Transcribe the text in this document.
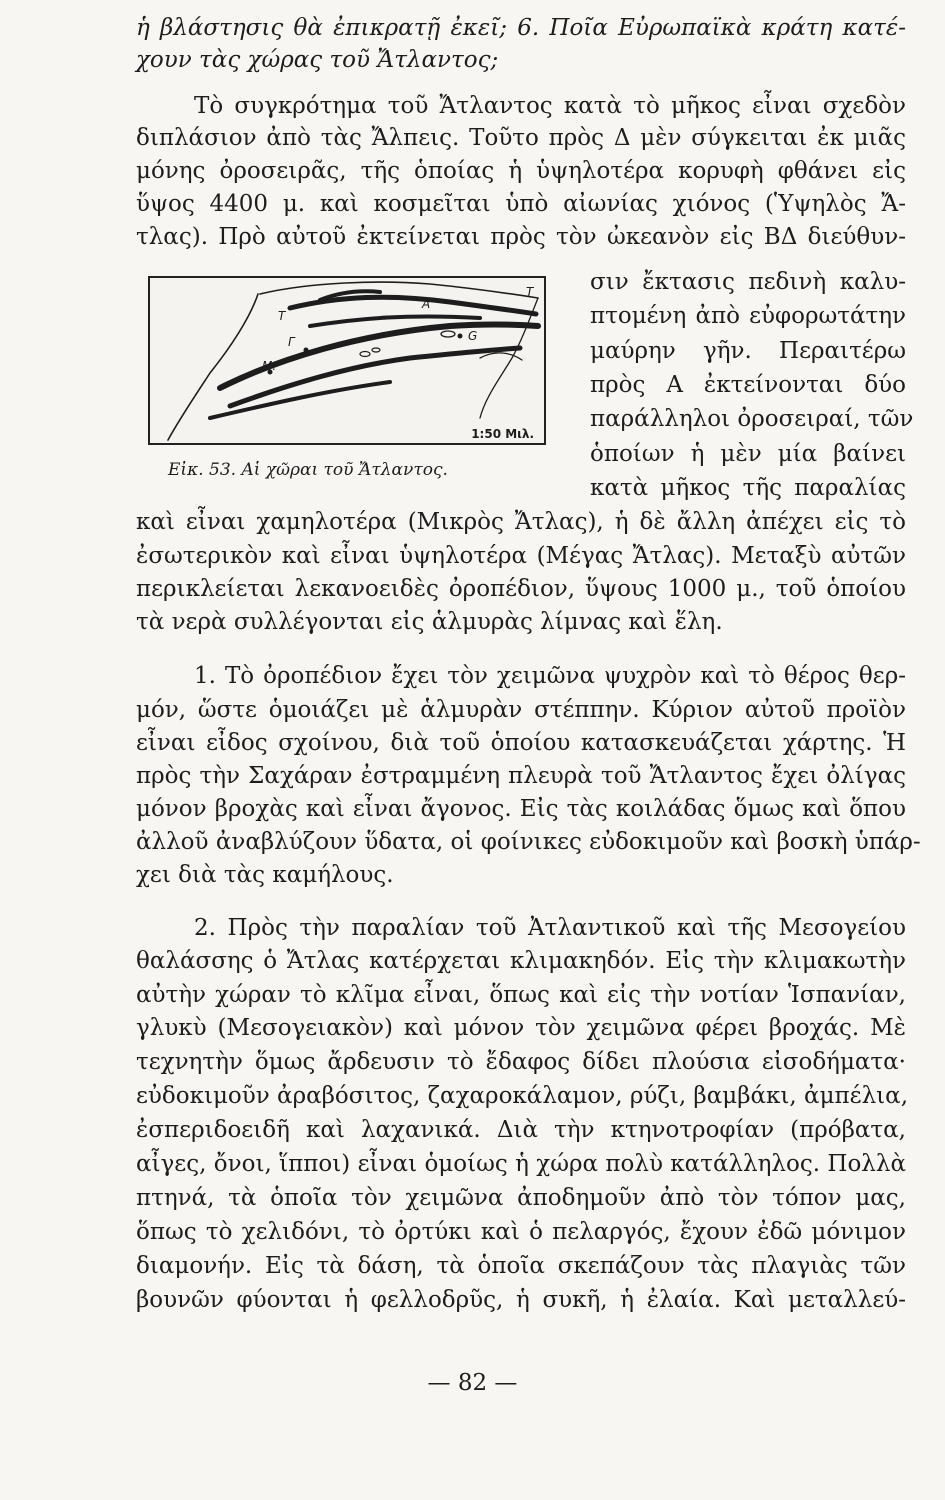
ἡ βλάστησις θὰ ἐπικρατῇ ἐκεῖ; 6. Ποῖα Εὐρωπαϊκὰ κράτη κατέ-
χουν τὰς χώρας τοῦ Ἄτλαντος;
Τὸ συγκρότημα τοῦ Ἄτλαντος κατὰ τὸ μῆκος εἶναι σχεδὸν
διπλάσιον ἀπὸ τὰς Ἄλπεις. Τοῦτο πρὸς Δ μὲν σύγκειται ἐκ μιᾶς
μόνης ὀροσειρᾶς, τῆς ὁποίας ἡ ὑψηλοτέρα κορυφὴ φθάνει εἰς
ὕψος 4400 μ. καὶ κοσμεῖται ὑπὸ αἰωνίας χιόνος (Ὑψηλὸς Ἄ-
τλας). Πρὸ αὐτοῦ ἐκτείνεται πρὸς τὸν ὠκεανὸν εἰς ΒΔ διεύθυν-
Τ
Α
Τ
Γ	G
Μ.
1:50 Μιλ.
Εἰκ. 53. Αἱ χῶραι τοῦ Ἄτλαντος.
σιν ἔκτασις πεδινὴ καλυ-
πτομένη ἀπὸ εὐφορωτάτην
μαύρην γῆν. Περαιτέρω
πρὸς Α ἐκτείνονται δύο
παράλληλοι ὀροσειραί, τῶν
ὁποίων ἡ μὲν μία βαίνει
κατὰ μῆκος τῆς παραλίας
καὶ εἶναι χαμηλοτέρα (Μικρὸς Ἄτλας), ἡ δὲ ἄλλη ἀπέχει εἰς τὸ
ἐσωτερικὸν καὶ εἶναι ὑψηλοτέρα (Μέγας Ἄτλας). Μεταξὺ αὐτῶν
περικλείεται λεκανοειδὲς ὀροπέδιον, ὕψους 1000 μ., τοῦ ὁποίου
τὰ νερὰ συλλέγονται εἰς ἁλμυρὰς λίμνας καὶ ἕλη.
1. Τὸ ὀροπέδιον ἔχει τὸν χειμῶνα ψυχρὸν καὶ τὸ θέρος θερ-
μόν, ὥστε ὁμοιάζει μὲ ἁλμυρὰν στέππην. Κύριον αὐτοῦ προϊὸν
εἶναι εἶδος σχοίνου, διὰ τοῦ ὁποίου κατασκευάζεται χάρτης. Ἡ
πρὸς τὴν Σαχάραν ἐστραμμένη πλευρὰ τοῦ Ἄτλαντος ἔχει ὀλίγας
μόνον βροχὰς καὶ εἶναι ἄγονος. Εἰς τὰς κοιλάδας ὅμως καὶ ὅπου
ἀλλοῦ ἀναβλύζουν ὕδατα, οἱ φοίνικες εὐδοκιμοῦν καὶ βοσκὴ ὑπάρ-
χει διὰ τὰς καμήλους.
2. Πρὸς τὴν παραλίαν τοῦ Ἀτλαντικοῦ καὶ τῆς Μεσογείου
θαλάσσης ὁ Ἄτλας κατέρχεται κλιμακηδόν. Εἰς τὴν κλιμακωτὴν
αὐτὴν χώραν τὸ κλῖμα εἶναι, ὅπως καὶ εἰς τὴν νοτίαν Ἱσπανίαν,
γλυκὺ (Μεσογειακὸν) καὶ μόνον τὸν χειμῶνα φέρει βροχάς. Μὲ
τεχνητὴν ὅμως ἄρδευσιν τὸ ἔδαφος δίδει πλούσια εἰσοδήματα·
εὐδοκιμοῦν ἀραβόσιτος, ζαχαροκάλαμον, ρύζι, βαμβάκι, ἀμπέλια,
ἐσπεριδοειδῆ καὶ λαχανικά. Διὰ τὴν κτηνοτροφίαν (πρόβατα,
αἶγες, ὄνοι, ἵπποι) εἶναι ὁμοίως ἡ χώρα πολὺ κατάλληλος. Πολλὰ
πτηνά, τὰ ὁποῖα τὸν χειμῶνα ἀποδημοῦν ἀπὸ τὸν τόπον μας,
ὅπως τὸ χελιδόνι, τὸ ὀρτύκι καὶ ὁ πελαργός, ἔχουν ἐδῶ μόνιμον
διαμονήν. Εἰς τὰ δάση, τὰ ὁποῖα σκεπάζουν τὰς πλαγιὰς τῶν
βουνῶν φύονται ἡ φελλοδρῦς, ἡ συκῆ, ἡ ἐλαία. Καὶ μεταλλεύ-
— 82 —
